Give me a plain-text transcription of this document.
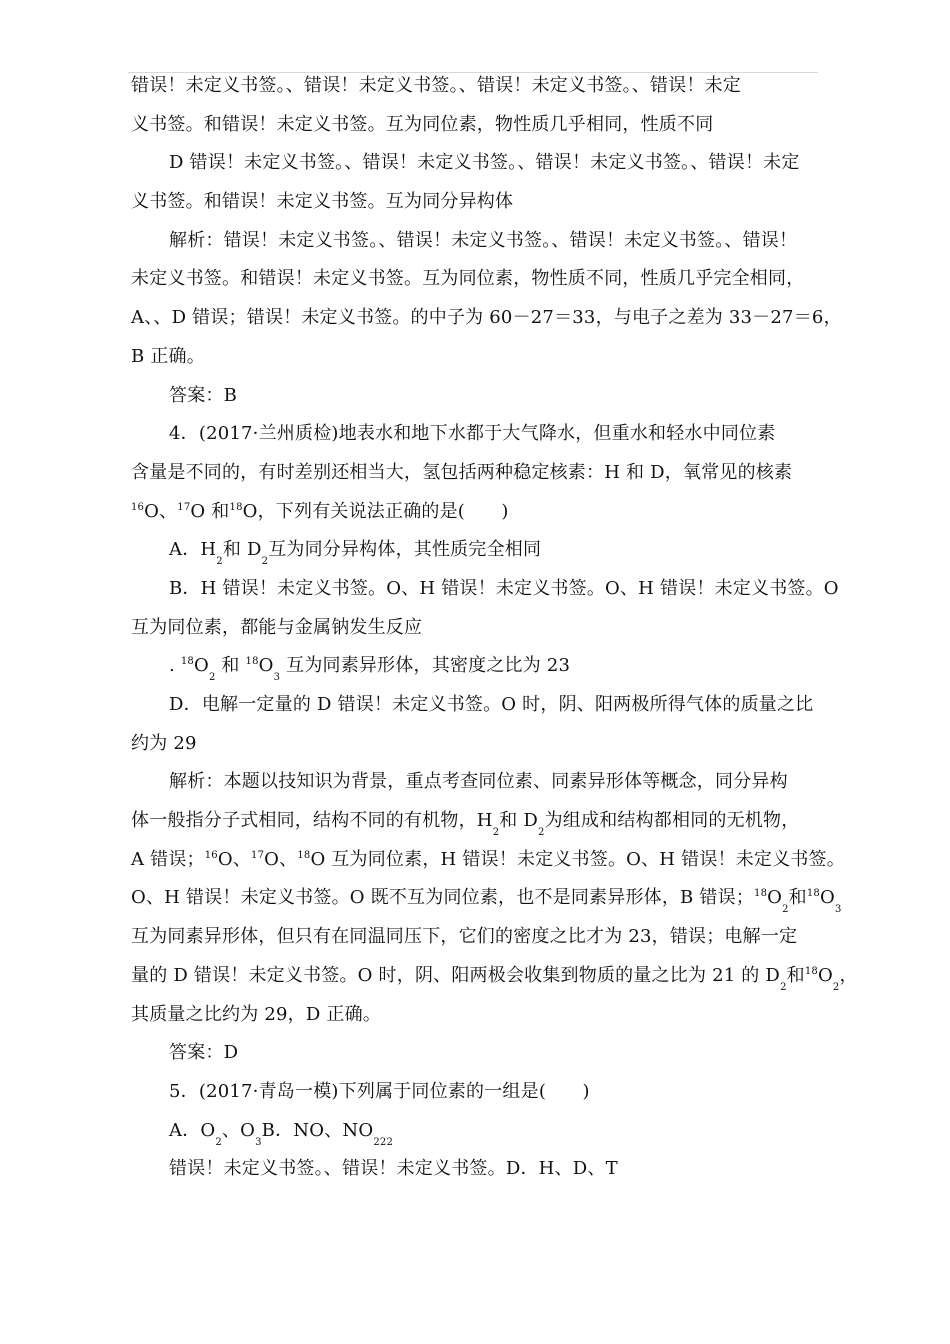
错误！未定义书签。、错误！未定义书签。、错误！未定义书签。、错误！未定
义书签。和错误！未定义书签。互为同位素，物性质几乎相同，性质不同
D 错误！未定义书签。、错误！未定义书签。、错误！未定义书签。、错误！未定
义书签。和错误！未定义书签。互为同分异构体
解析：错误！未定义书签。、错误！未定义书签。、错误！未定义书签。、错误！
未定义书签。和错误！未定义书签。互为同位素，物性质不同，性质几乎完全相同，
A、、D 错误；错误！未定义书签。的中子为 60－27＝33，与电子之差为 33－27＝6，
B 正确。
答案：B
4．(2017·兰州质检)地表水和地下水都于大气降水，但重水和轻水中同位素
含量是不同的，有时差别还相当大，氢包括两种稳定核素：H 和 D，氧常见的核素
$^{16}$O、$^{17}$O 和$^{18}$O，下列有关说法正确的是(　　)
A．$H_2$和 $D_2$互为同分异构体，其性质完全相同
B．H 错误！未定义书签。O、H 错误！未定义书签。O、H 错误！未定义书签。O
互为同位素，都能与金属钠发生反应
. $^{18}O_2$ 和 $^{18}O_3$ 互为同素异形体，其密度之比为 23
D．电解一定量的 D 错误！未定义书签。O 时，阴、阳两极所得气体的质量之比
约为 29
解析：本题以技知识为背景，重点考查同位素、同素异形体等概念，同分异构
体一般指分子式相同，结构不同的有机物，$H_2$和 $D_2$为组成和结构都相同的无机物，
A 错误；$^{16}$O、$^{17}$O、$^{18}$O 互为同位素，H 错误！未定义书签。O、H 错误！未定义书签。
O、H 错误！未定义书签。O 既不互为同位素，也不是同素异形体，B 错误；$^{18}O_2$和$^{18}O_3$
互为同素异形体，但只有在同温同压下，它们的密度之比才为 23，错误；电解一定
量的 D 错误！未定义书签。O 时，阴、阳两极会收集到物质的量之比为 21 的 $D_2$和$^{18}O_2$，
其质量之比约为 29，D 正确。
答案：D
5．(2017·青岛一模)下列属于同位素的一组是(　　)
A．$O_2$、$O_3B$．NO、$NO_{222}$
错误！未定义书签。、错误！未定义书签。D．H、D、T
